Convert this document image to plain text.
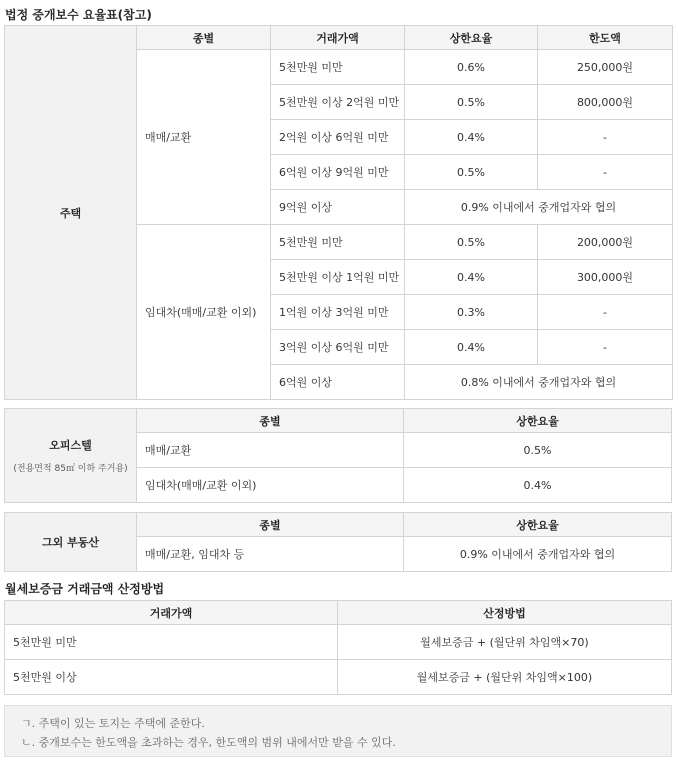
법정 중개보수 요율표(참고)
주택	종별	거래가액	상한요율	한도액
	매매/교환	5천만원 미만	0.6%	250,000원
		5천만원 이상 2억원 미만	0.5%	800,000원
		2억원 이상 6억원 미만	0.4%	-
		6억원 이상 9억원 미만	0.5%	-
		9억원 이상	0.9% 이내에서 중개업자와 협의	
	임대차(매매/교환 이외)	5천만원 미만	0.5%	200,000원
		5천만원 이상 1억원 미만	0.4%	300,000원
		1억원 이상 3억원 미만	0.3%	-
		3억원 이상 6억원 미만	0.4%	-
		6억원 이상	0.8% 이내에서 중개업자와 협의	
오피스텔
(전용면적 85㎡ 이하 주거용)	종별	상한요율
	매매/교환	0.5%
	임대차(매매/교환 이외)	0.4%
그외 부동산	종별	상한요율
	매매/교환, 임대차 등	0.9% 이내에서 중개업자와 협의
월세보증금 거래금액 산정방법
거래가액	산정방법
5천만원 미만	월세보증금 + (월단위 차임액×70)
5천만원 이상	월세보증금 + (월단위 차임액×100)
ㄱ. 주택이 있는 토지는 주택에 준한다.
ㄴ. 중개보수는 한도액을 초과하는 경우, 한도액의 범위 내에서만 받을 수 있다.
